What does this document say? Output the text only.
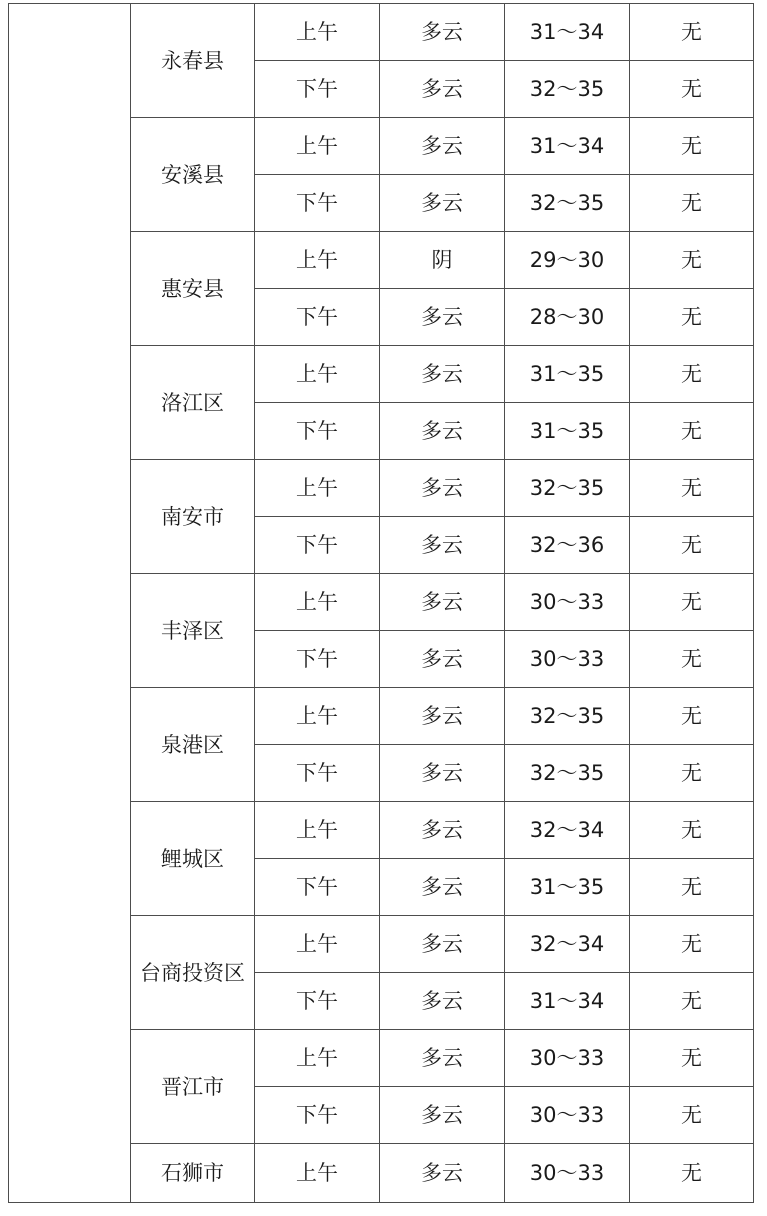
	永春县	上午	多云	31～34	无
		下午	多云	32～35	无
	安溪县	上午	多云	31～34	无
		下午	多云	32～35	无
	惠安县	上午	阴	29～30	无
		下午	多云	28～30	无
	洛江区	上午	多云	31～35	无
		下午	多云	31～35	无
	南安市	上午	多云	32～35	无
		下午	多云	32～36	无
	丰泽区	上午	多云	30～33	无
		下午	多云	30～33	无
	泉港区	上午	多云	32～35	无
		下午	多云	32～35	无
	鲤城区	上午	多云	32～34	无
		下午	多云	31～35	无
	台商投资区	上午	多云	32～34	无
		下午	多云	31～34	无
	晋江市	上午	多云	30～33	无
		下午	多云	30～33	无
	石狮市	上午	多云	30～33	无
